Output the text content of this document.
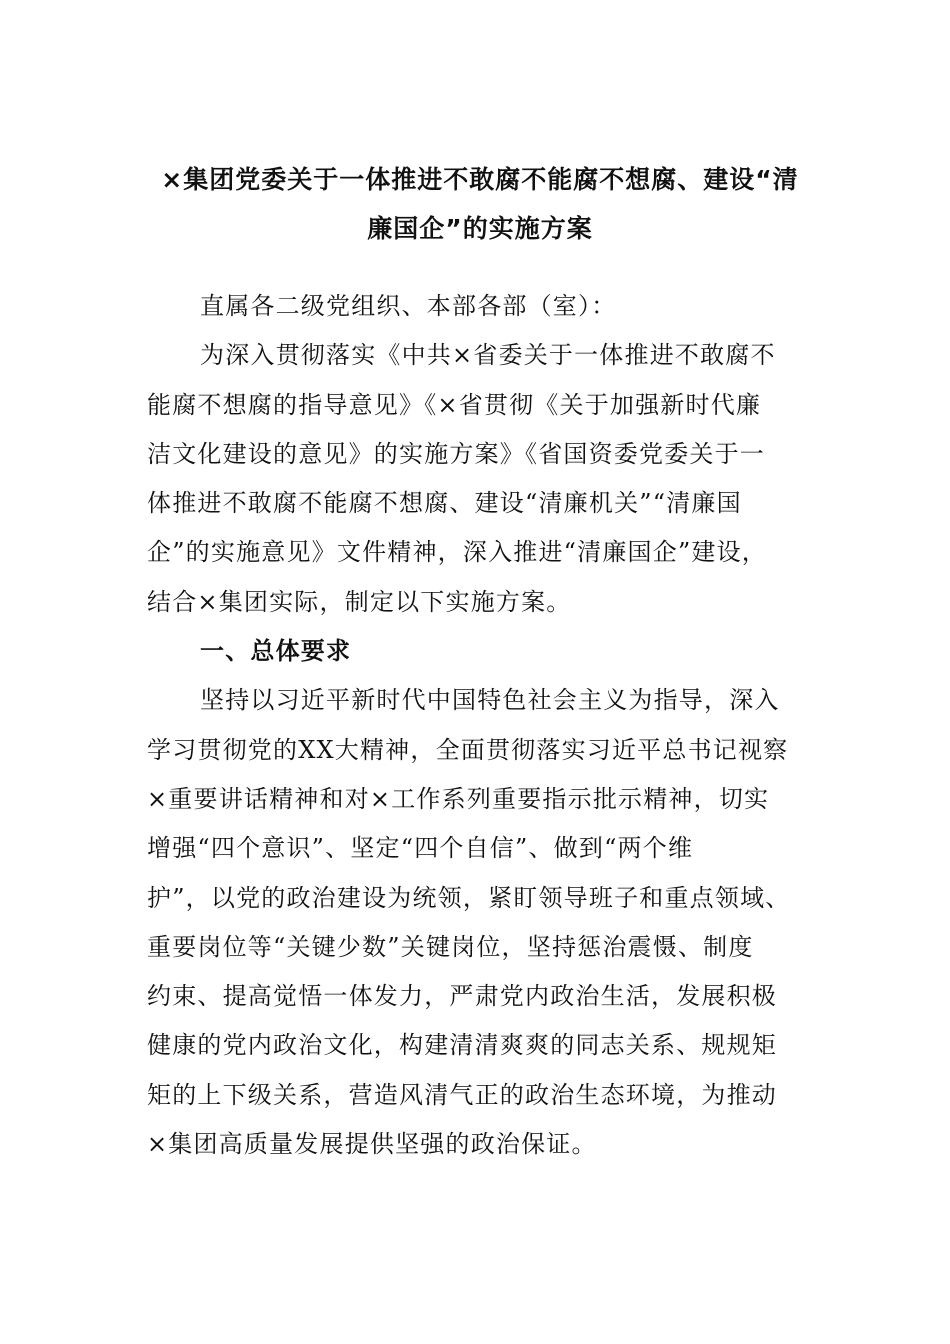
×集团党委关于一体推进不敢腐不能腐不想腐、建设“清
廉国企”的实施方案
直属各二级党组织、本部各部（室）：
为深入贯彻落实《中共×省委关于一体推进不敢腐不
能腐不想腐的指导意见》《×省贯彻《关于加强新时代廉
洁文化建设的意见》的实施方案》《省国资委党委关于一
体推进不敢腐不能腐不想腐、建设“清廉机关”“清廉国
企”的实施意见》文件精神，深入推进“清廉国企”建设，
结合×集团实际，制定以下实施方案。
一、总体要求
坚持以习近平新时代中国特色社会主义为指导，深入
学习贯彻党的XX大精神，全面贯彻落实习近平总书记视察
×重要讲话精神和对×工作系列重要指示批示精神，切实
增强“四个意识”、坚定“四个自信”、做到“两个维
护”，以党的政治建设为统领，紧盯领导班子和重点领域、
重要岗位等“关键少数”关键岗位，坚持惩治震慑、制度
约束、提高觉悟一体发力，严肃党内政治生活，发展积极
健康的党内政治文化，构建清清爽爽的同志关系、规规矩
矩的上下级关系，营造风清气正的政治生态环境，为推动
×集团高质量发展提供坚强的政治保证。
